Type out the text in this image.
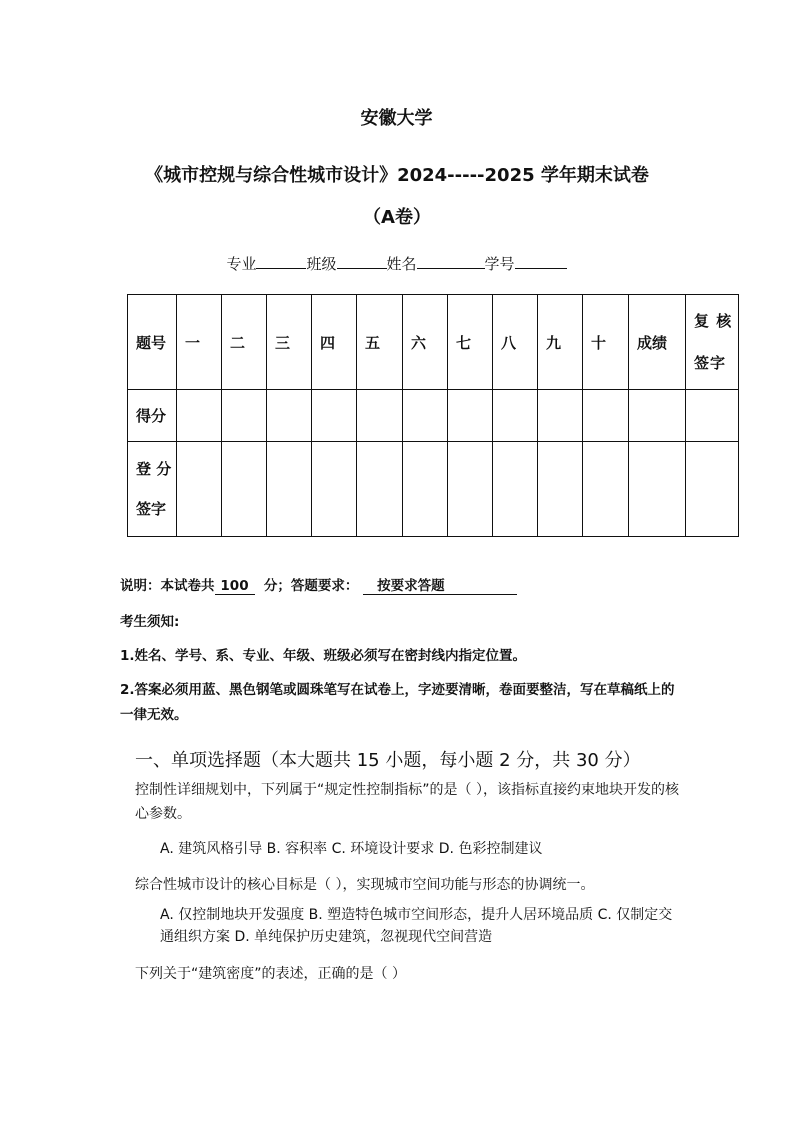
安徽大学
《城市控规与综合性城市设计》2024-----2025 学年期末试卷（A卷）
专业	班级	姓名	学号
题号	一	二	三	四	五	六	七	八	九	十	成绩	复 核签字
得分												
登 分签字												
说明：本试卷共 100 分；答题要求： 按要求答题
考生须知:
1.姓名、学号、系、专业、年级、班级必须写在密封线内指定位置。
2.答案必须用蓝、黑色钢笔或圆珠笔写在试卷上，字迹要清晰，卷面要整洁，写在草稿纸上的一律无效。
一、单项选择题（本大题共 15 小题，每小题 2 分，共 30 分）
控制性详细规划中，下列属于“规定性控制指标”的是（ ），该指标直接约束地块开发的核心参数。
A. 建筑风格引导 B. 容积率 C. 环境设计要求 D. 色彩控制建议
综合性城市设计的核心目标是（ ），实现城市空间功能与形态的协调统一。
A. 仅控制地块开发强度 B. 塑造特色城市空间形态，提升人居环境品质 C. 仅制定交通组织方案 D. 单纯保护历史建筑，忽视现代空间营造
下列关于“建筑密度”的表述，正确的是（ ）
